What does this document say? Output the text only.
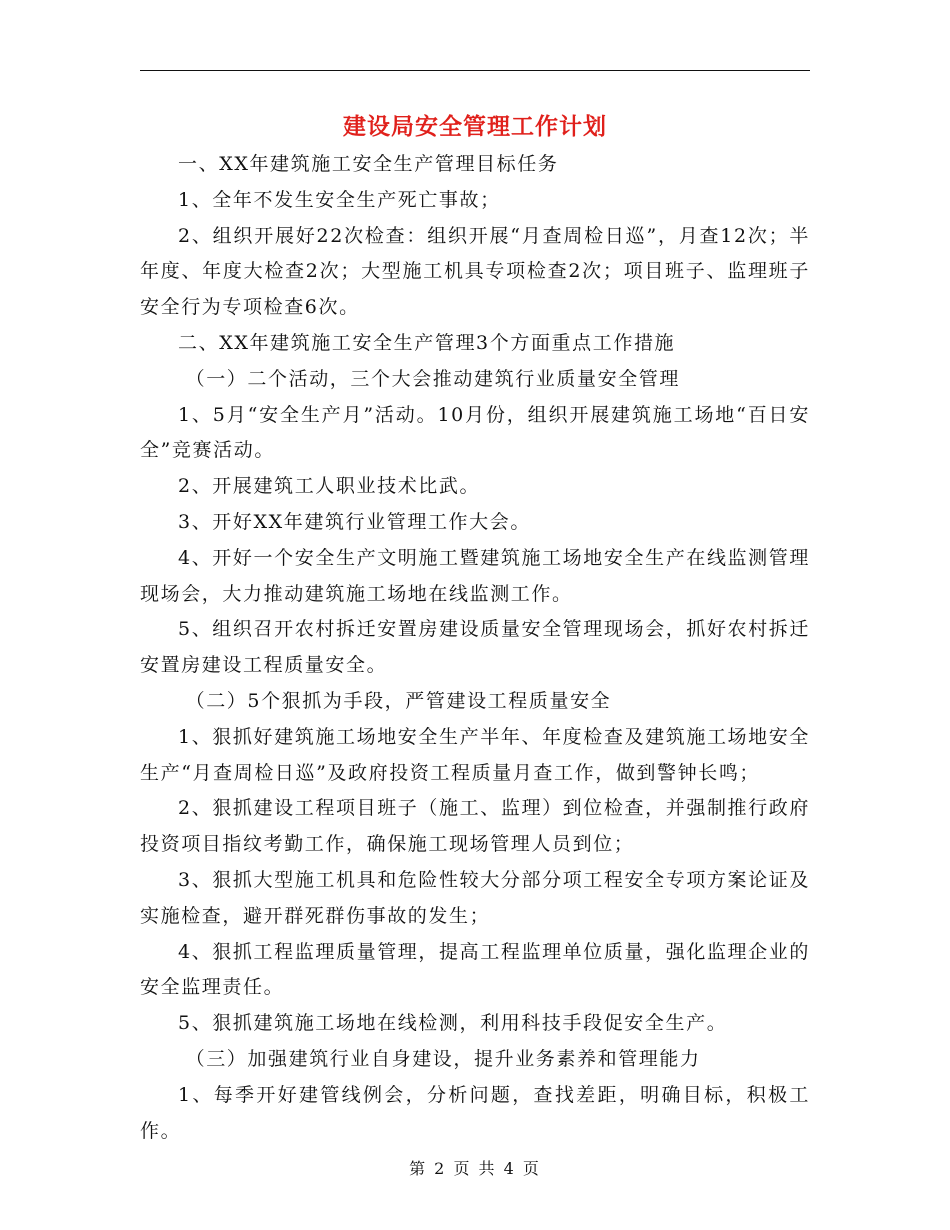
建设局安全管理工作计划

一、XX年建筑施工安全生产管理目标任务

1、全年不发生安全生产死亡事故；

2、组织开展好22次检查：组织开展“月查周检日巡”，月查12次；半年度、年度大检查2次；大型施工机具专项检查2次；项目班子、监理班子安全行为专项检查6次。

二、XX年建筑施工安全生产管理3个方面重点工作措施

（一）二个活动，三个大会推动建筑行业质量安全管理

1、5月“安全生产月”活动。10月份，组织开展建筑施工场地“百日安全”竞赛活动。

2、开展建筑工人职业技术比武。

3、开好XX年建筑行业管理工作大会。

4、开好一个安全生产文明施工暨建筑施工场地安全生产在线监测管理现场会，大力推动建筑施工场地在线监测工作。

5、组织召开农村拆迁安置房建设质量安全管理现场会，抓好农村拆迁安置房建设工程质量安全。

（二）5个狠抓为手段，严管建设工程质量安全

1、狠抓好建筑施工场地安全生产半年、年度检查及建筑施工场地安全生产“月查周检日巡”及政府投资工程质量月查工作，做到警钟长鸣；

2、狠抓建设工程项目班子（施工、监理）到位检查，并强制推行政府投资项目指纹考勤工作，确保施工现场管理人员到位；

3、狠抓大型施工机具和危险性较大分部分项工程安全专项方案论证及实施检查，避开群死群伤事故的发生；

4、狠抓工程监理质量管理，提高工程监理单位质量，强化监理企业的安全监理责任。

5、狠抓建筑施工场地在线检测，利用科技手段促安全生产。

（三）加强建筑行业自身建设，提升业务素养和管理能力

1、每季开好建管线例会，分析问题，查找差距，明确目标，积极工作。

第 2 页 共 4 页
